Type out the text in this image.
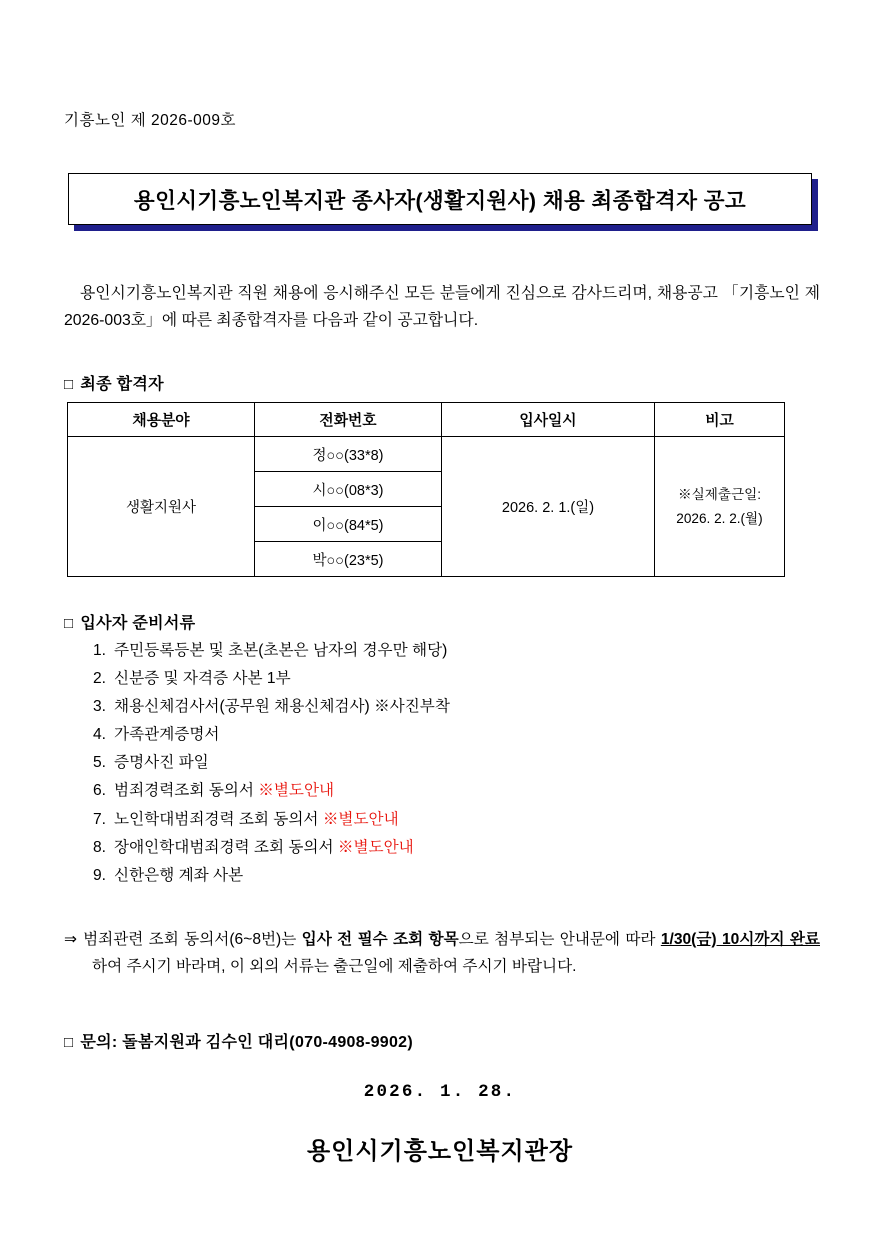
기흥노인 제 2026-009호
용인시기흥노인복지관 종사자(생활지원사) 채용 최종합격자 공고
용인시기흥노인복지관 직원 채용에 응시해주신 모든 분들에게 진심으로 감사드리며, 채용공고 「기흥노인 제 2026-003호」에 따른 최종합격자를 다음과 같이 공고합니다.
□ 최종 합격자
채용분야	전화번호	입사일시	비고
생활지원사	정○○(33*8)	2026. 2. 1.(일)	※실제출근일:
2026. 2. 2.(월)

	시○○(08*3)		
	이○○(84*5)		
	박○○(23*5)		
□ 입사자 준비서류
1. 주민등록등본 및 초본(초본은 남자의 경우만 해당)
2. 신분증 및 자격증 사본 1부
3. 채용신체검사서(공무원 채용신체검사) ※사진부착
4. 가족관계증명서
5. 증명사진 파일
6. 범죄경력조회 동의서 ※별도안내
7. 노인학대범죄경력 조회 동의서 ※별도안내
8. 장애인학대범죄경력 조회 동의서 ※별도안내
9. 신한은행 계좌 사본
⇒ 범죄관련 조회 동의서(6~8번)는 입사 전 필수 조회 항목으로 첨부되는 안내문에 따라 1/30(금) 10시까지 완료하여 주시기 바라며, 이 외의 서류는 출근일에 제출하여 주시기 바랍니다.
□ 문의: 돌봄지원과 김수인 대리(070-4908-9902)
2026. 1. 28.
용인시기흥노인복지관장
